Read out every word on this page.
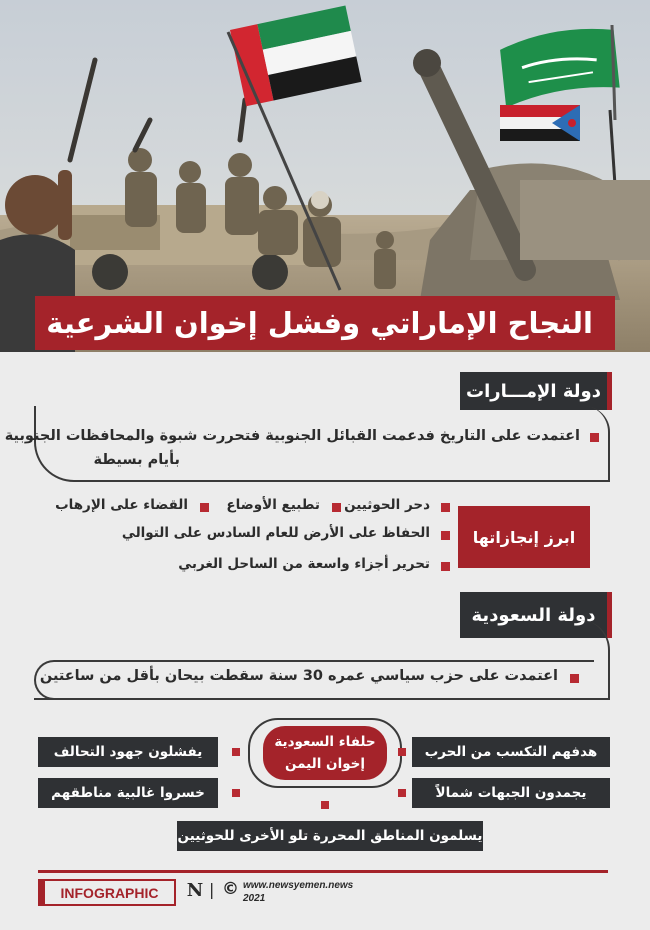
النجاح الإماراتي وفشل إخوان الشرعية
دولة الإمـــارات
اعتمدت على التاريخ فدعمت القبائل الجنوبية فتحررت شبوة والمحافظات الجنوبية
بأيام بسيطة
ابرز إنجازاتها
دحر الحوثيين
تطبيع الأوضاع
القضاء على الإرهاب
الحفاظ على الأرض للعام السادس على التوالي
تحرير أجزاء واسعة من الساحل الغربي
دولة السعودية
اعتمدت على حزب سياسي عمره 30 سنة سقطت بيحان بأقل من ساعتين
حلفاء السعودية
إخوان اليمن
يفشلون جهود التحالف
خسروا غالبية مناطقهم
هدفهم التكسب من الحرب
يجمدون الجبهات شمالاً
يسلمون المناطق المحررة تلو الأخرى للحوثيين
INFOGRAPHIC	N | © www.newsyemen.news
2021
